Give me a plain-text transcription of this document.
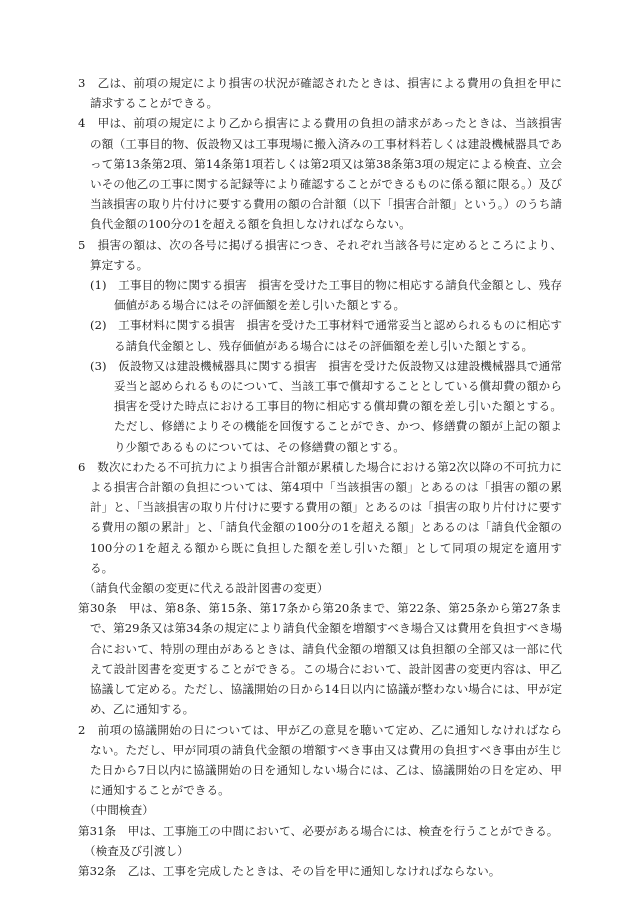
3　乙は、前項の規定により損害の状況が確認されたときは、損害による費用の負担を甲に請求することができる。

4　甲は、前項の規定により乙から損害による費用の負担の請求があったときは、当該損害の額（工事目的物、仮設物又は工事現場に搬入済みの工事材料若しくは建設機械器具であって第13条第2項、第14条第1項若しくは第2項又は第38条第3項の規定による検査、立会いその他乙の工事に関する記録等により確認することができるものに係る額に限る。）及び当該損害の取り片付けに要する費用の額の合計額（以下「損害合計額」という。）のうち請負代金額の100分の1を超える額を負担しなければならない。

5　損害の額は、次の各号に掲げる損害につき、それぞれ当該各号に定めるところにより、算定する。

(1)　工事目的物に関する損害　損害を受けた工事目的物に相応する請負代金額とし、残存価値がある場合にはその評価額を差し引いた額とする。

(2)　工事材料に関する損害　損害を受けた工事材料で通常妥当と認められるものに相応する請負代金額とし、残存価値がある場合にはその評価額を差し引いた額とする。

(3)　仮設物又は建設機械器具に関する損害　損害を受けた仮設物又は建設機械器具で通常妥当と認められるものについて、当該工事で償却することとしている償却費の額から損害を受けた時点における工事目的物に相応する償却費の額を差し引いた額とする。ただし、修繕によりその機能を回復することができ、かつ、修繕費の額が上記の額より少額であるものについては、その修繕費の額とする。

6　数次にわたる不可抗力により損害合計額が累積した場合における第2次以降の不可抗力による損害合計額の負担については、第4項中「当該損害の額」とあるのは「損害の額の累計」と、「当該損害の取り片付けに要する費用の額」とあるのは「損害の取り片付けに要する費用の額の累計」と、「請負代金額の100分の1を超える額」とあるのは「請負代金額の100分の1を超える額から既に負担した額を差し引いた額」として同項の規定を適用する。

（請負代金額の変更に代える設計図書の変更）

第30条　甲は、第8条、第15条、第17条から第20条まで、第22条、第25条から第27条まで、第29条又は第34条の規定により請負代金額を増額すべき場合又は費用を負担すべき場合において、特別の理由があるときは、請負代金額の増額又は負担額の全部又は一部に代えて設計図書を変更することができる。この場合において、設計図書の変更内容は、甲乙協議して定める。ただし、協議開始の日から14日以内に協議が整わない場合には、甲が定め、乙に通知する。

2　前項の協議開始の日については、甲が乙の意見を聴いて定め、乙に通知しなければならない。ただし、甲が同項の請負代金額の増額すべき事由又は費用の負担すべき事由が生じた日から7日以内に協議開始の日を通知しない場合には、乙は、協議開始の日を定め、甲に通知することができる。

（中間検査）

第31条　甲は、工事施工の中間において、必要がある場合には、検査を行うことができる。

（検査及び引渡し）

第32条　乙は、工事を完成したときは、その旨を甲に通知しなければならない。
